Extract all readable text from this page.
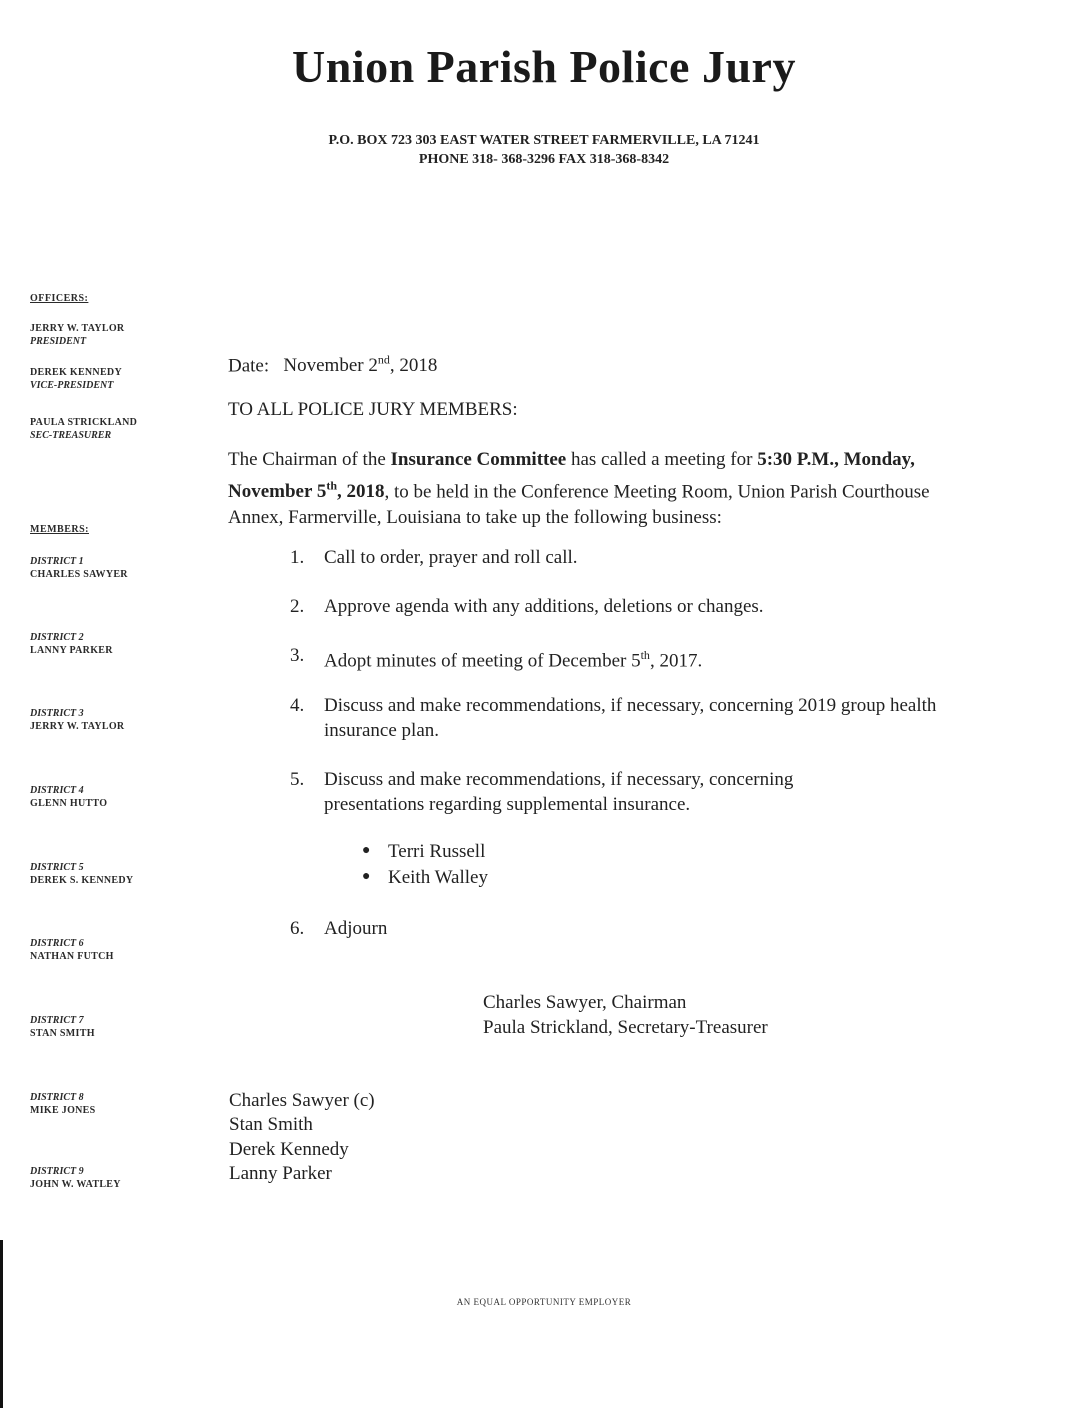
Union Parish Police Jury
P.O. BOX 723 303 EAST WATER STREET FARMERVILLE, LA 71241
PHONE 318- 368-3296 FAX 318-368-8342
OFFICERS:
JERRY W. TAYLOR
PRESIDENT
DEREK KENNEDY
VICE-PRESIDENT
PAULA STRICKLAND
SEC-TREASURER
MEMBERS:
DISTRICT 1
CHARLES SAWYER
DISTRICT 2
LANNY PARKER
DISTRICT 3
JERRY W. TAYLOR
DISTRICT 4
GLENN HUTTO
DISTRICT 5
DEREK S. KENNEDY
DISTRICT 6
NATHAN FUTCH
DISTRICT 7
STAN SMITH
DISTRICT 8
MIKE JONES
DISTRICT 9
JOHN W. WATLEY
Date: November 2nd, 2018
TO ALL POLICE JURY MEMBERS:
The Chairman of the Insurance Committee has called a meeting for 5:30 P.M., Monday, November 5th, 2018, to be held in the Conference Meeting Room, Union Parish Courthouse Annex, Farmerville, Louisiana to take up the following business:
1. Call to order, prayer and roll call.
2. Approve agenda with any additions, deletions or changes.
3. Adopt minutes of meeting of December 5th, 2017.
4. Discuss and make recommendations, if necessary, concerning 2019 group health insurance plan.
5. Discuss and make recommendations, if necessary, concerning presentations regarding supplemental insurance.
● Terri Russell
● Keith Walley
6. Adjourn
Charles Sawyer, Chairman
Paula Strickland, Secretary-Treasurer
Charles Sawyer (c)
Stan Smith
Derek Kennedy
Lanny Parker
AN EQUAL OPPORTUNITY EMPLOYER
